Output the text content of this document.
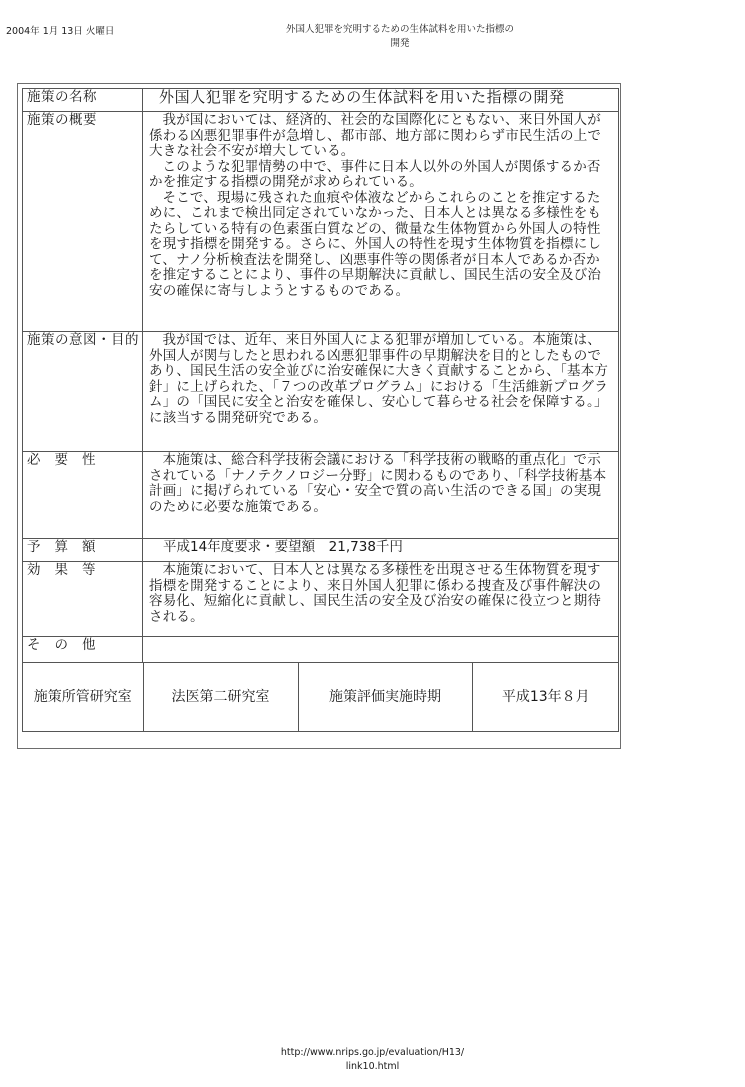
2004年 1月 13日 火曜日	外国人犯罪を究明するための生体試料を用いた指標の
開発
施策の名称	外国人犯罪を究明するための生体試料を用いた指標の開発

施策の概要	我が国においては、経済的、社会的な国際化にともない、来日外国人が係わる凶悪犯罪事件が急増し、都市部、地方部に関わらず市民生活の上で大きな社会不安が増大している。

このような犯罪情勢の中で、事件に日本人以外の外国人が関係するか否かを推定する指標の開発が求められている。

そこで、現場に残された血痕や体液などからこれらのことを推定するために、これまで検出同定されていなかった、日本人とは異なる多様性をもたらしている特有の色素蛋白質などの、微量な生体物質から外国人の特性を現す指標を開発する。さらに、外国人の特性を現す生体物質を指標にして、ナノ分析検査法を開発し、凶悪事件等の関係者が日本人であるか否かを推定することにより、事件の早期解決に貢献し、国民生活の安全及び治安の確保に寄与しようとするものである。

施策の意図・目的	我が国では、近年、来日外国人による犯罪が増加している。本施策は、外国人が関与したと思われる凶悪犯罪事件の早期解決を目的としたものであり、国民生活の安全並びに治安確保に大きく貢献することから、「基本方針」に上げられた、「７つの改革プログラム」における「生活維新プログラム」の「国民に安全と治安を確保し、安心して暮らせる社会を保障する。」に該当する開発研究である。

必要性	本施策は、総合科学技術会議における「科学技術の戦略的重点化」で示されている「ナノテクノロジー分野」に関わるものであり、「科学技術基本計画」に掲げられている「安心・安全で質の高い生活のできる国」の実現のために必要な施策である。

予算額	平成14年度要求・要望額　21,738千円

効果等	本施策において、日本人とは異なる多様性を出現させる生体物質を現す指標を開発することにより、来日外国人犯罪に係わる捜査及び事件解決の容易化、短縮化に貢献し、国民生活の安全及び治安の確保に役立つと期待される。

その他	

施策所管研究室	法医第二研究室	施策評価実施時期	平成13年８月
http://www.nrips.go.jp/evaluation/H13/
link10.html
